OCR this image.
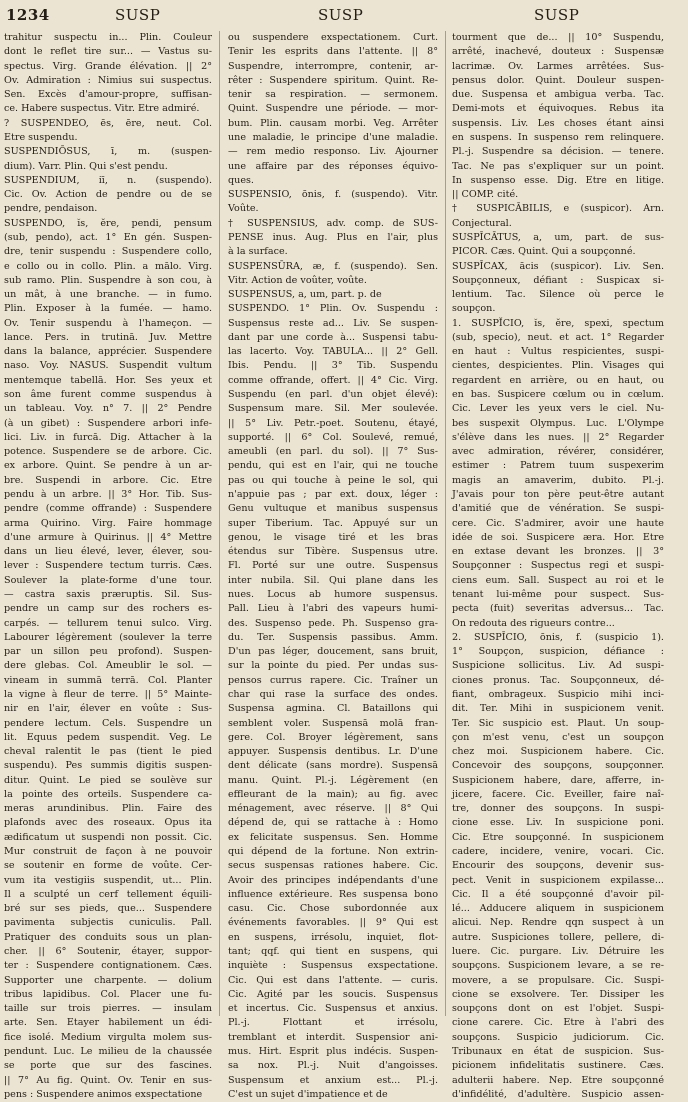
1234	SUSP	SUSP	SUSP
trahitur suspectu in... Plin. Couleur
dont le reflet tire sur... — Vastus su-
spectus. Virg. Grande élévation. || 2°
Ov. Admiration : Nimius sui suspectus.
Sen. Excès d'amour-propre, suffisan-
ce. Habere suspectus. Vitr. Etre admiré.
? SUSPENDEO, ēs, ēre, neut. Col.
Etre suspendu.
SUSPENDIŌSUS, ī, m. (suspen-
dium). Varr. Plin. Qui s'est pendu.
SUSPENDIUM, iī, n. (suspendo).
Cic. Ov. Action de pendre ou de se
pendre, pendaison.
SUSPENDO, ĭs, ĕre, pendi, pensum
(sub, pendo), act. 1° En gén. Suspen-
dre, tenir suspendu : Suspendere collo,
e collo ou in collo. Plin. a mālo. Virg.
sub ramo. Plin. Suspendre à son cou, à
un mât, à une branche. — in fumo.
Plin. Exposer à la fumée. — hamo.
Ov. Tenir suspendu à l'hameçon. —
lance. Pers. in trutinā. Juv. Mettre
dans la balance, apprécier. Suspendere
naso. Voy. NASUS. Suspendit vultum
mentemque tabellā. Hor. Ses yeux et
son âme furent comme suspendus à
un tableau. Voy. n° 7. || 2° Pendre
(à un gibet) : Suspendere arbori infe-
lici. Liv. in furcā. Dig. Attacher à la
potence. Suspendere se de arbore. Cic.
ex arbore. Quint. Se pendre à un ar-
bre. Suspendi in arbore. Cic. Etre
pendu à un arbre. || 3° Hor. Tib. Sus-
pendre (comme offrande) : Suspendere
arma Quirino. Virg. Faire hommage
d'une armure à Quirinus. || 4° Mettre
dans un lieu élevé, lever, élever, sou-
lever : Suspendere tectum turris. Cæs.
Soulever la plate-forme d'une tour.
— castra saxis præruptis. Sil. Sus-
pendre un camp sur des rochers es-
carpés. — tellurem tenui sulco. Virg.
Labourer légèrement (soulever la terre
par un sillon peu profond). Suspen-
dere glebas. Col. Ameublir le sol. —
vineam in summā terrā. Col. Planter
la vigne à fleur de terre. || 5° Mainte-
nir en l'air, élever en voûte : Sus-
pendere lectum. Cels. Suspendre un
lit. Equus pedem suspendit. Veg. Le
cheval ralentit le pas (tient le pied
suspendu). Pes summis digitis suspen-
ditur. Quint. Le pied se soulève sur
la pointe des orteils. Suspendere ca-
meras arundinibus. Plin. Faire des
plafonds avec des roseaux. Opus ita
ædificatum ut suspendi non possit. Cic.
Mur construit de façon à ne pouvoir
se soutenir en forme de voûte. Cer-
vum ita vestigiis suspendit, ut... Plin.
Il a sculpté un cerf tellement équili-
bré sur ses pieds, que... Suspendere
pavimenta subjectis cuniculis. Pall.
Pratiquer des conduits sous un plan-
cher. || 6° Soutenir, étayer, suppor-
ter : Suspendere contignationem. Cæs.
Supporter une charpente. — dolium
tribus lapidibus. Col. Placer une fu-
taille sur trois pierres. — insulam
arte. Sen. Etayer habilement un édi-
fice isolé. Medium virgulta molem sus-
pendunt. Luc. Le milieu de la chaussée
se porte que sur des fascines.
|| 7° Au fig. Quint. Ov. Tenir en sus-
pens : Suspendere animos exspectatione
ou suspendere exspectationem. Curt.
Tenir les esprits dans l'attente. || 8°
Suspendre, interrompre, contenir, ar-
rêter : Suspendere spiritum. Quint. Re-
tenir sa respiration. — sermonem.
Quint. Suspendre une période. — mor-
bum. Plin. causam morbi. Veg. Arrêter
une maladie, le principe d'une maladie.
— rem medio responso. Liv. Ajourner
une affaire par des réponses équivo-
ques.
SUSPENSIO, ōnis, f. (suspendo). Vitr.
Voûte.
† SUSPENSIUS, adv. comp. de SUS-
PENSE inus. Aug. Plus en l'air, plus
à la surface.
SUSPENSŪRA, æ, f. (suspendo). Sen.
Vitr. Action de voûter, voûte.
SUSPENSUS, a, um, part. p. de
SUSPENDO. 1° Plin. Ov. Suspendu :
Suspensus reste ad... Liv. Se suspen-
dant par une corde à... Suspensi tabu-
las lacerto. Voy. TABULA... || 2° Gell.
Ibis. Pendu. || 3° Tib. Suspendu
comme offrande, offert. || 4° Cic. Virg.
Suspendu (en parl. d'un objet élevé):
Suspensum mare. Sil. Mer soulevée.
|| 5° Liv. Petr.-poet. Soutenu, étayé,
supporté. || 6° Col. Soulevé, remué,
ameubli (en parl. du sol). || 7° Sus-
pendu, qui est en l'air, qui ne touche
pas ou qui touche à peine le sol, qui
n'appuie pas ; par ext. doux, léger :
Genu vultuque et manibus suspensus
super Tiberium. Tac. Appuyé sur un
genou, le visage tiré et les bras
étendus sur Tibère. Suspensus utre.
Fl. Porté sur une outre. Suspensus
inter nubila. Sil. Qui plane dans les
nues. Locus ab humore suspensus.
Pall. Lieu à l'abri des vapeurs humi-
des. Suspenso pede. Ph. Suspenso gra-
du. Ter. Suspensis passibus. Amm.
D'un pas léger, doucement, sans bruit,
sur la pointe du pied. Per undas sus-
pensos currus rapere. Cic. Traîner un
char qui rase la surface des ondes.
Suspensa agmina. Cl. Bataillons qui
semblent voler. Suspensā molā fran-
gere. Col. Broyer légèrement, sans
appuyer. Suspensis dentibus. Lr. D'une
dent délicate (sans mordre). Suspensā
manu. Quint. Pl.-j. Légèrement (en
effleurant de la main); au fig. avec
ménagement, avec réserve. || 8° Qui
dépend de, qui se rattache à : Homo
ex felicitate suspensus. Sen. Homme
qui dépend de la fortune. Non extrin-
secus suspensas rationes habere. Cic.
Avoir des principes indépendants d'une
influence extérieure. Res suspensa bono
casu. Cic. Chose subordonnée aux
événements favorables. || 9° Qui est
en suspens, irrésolu, inquiet, flot-
tant; qqf. qui tient en suspens, qui
inquiète : Suspensus exspectatione.
Cic. Qui est dans l'attente. — curis.
Cic. Agité par les soucis. Suspensus
et incertus. Cic. Suspensus et anxius.
Pl.-j. Flottant et irrésolu,
tremblant et interdit. Suspensior ani-
mus. Hirt. Esprit plus indécis. Suspen-
sa nox. Pl.-j. Nuit d'angoisses.
Suspensum et anxium est... Pl.-j.
C'est un sujet d'impatience et de
tourment que de... || 10° Suspendu,
arrêté, inachevé, douteux : Suspensæ
lacrimæ. Ov. Larmes arrêtées. Sus-
pensus dolor. Quint. Douleur suspen-
due. Suspensa et ambigua verba. Tac.
Demi-mots et équivoques. Rebus ita
suspensis. Liv. Les choses étant ainsi
en suspens. In suspenso rem relinquere.
Pl.-j. Suspendre sa décision. — tenere.
Tac. Ne pas s'expliquer sur un point.
In suspenso esse. Dig. Etre en litige.
|| COMP. cité.
† SUSPICĀBILIS, e (suspicor). Arn.
Conjectural.
SUSPĪCĀTUS, a, um, part. de sus-
PICOR. Cæs. Quint. Qui a soupçonné.
SUSPĪCAX, ācis (suspicor). Liv. Sen.
Soupçonneux, défiant : Suspicax si-
lentium. Tac. Silence où perce le
soupçon.
1. SUSPĬCIO, ĭs, ĕre, spexi, spectum
(sub, specio), neut. et act. 1° Regarder
en haut : Vultus respicientes, suspi-
cientes, despicientes. Plin. Visages qui
regardent en arrière, ou en haut, ou
en bas. Suspicere cœlum ou in cœlum.
Cic. Lever les yeux vers le ciel. Nu-
bes suspexit Olympus. Luc. L'Olympe
s'élève dans les nues. || 2° Regarder
avec admiration, révérer, considérer,
estimer : Patrem tuum suspexerim
magis an amaverim, dubito. Pl.-j.
J'avais pour ton père peut-être autant
d'amitié que de vénération. Se suspi-
cere. Cic. S'admirer, avoir une haute
idée de soi. Suspicere æra. Hor. Etre
en extase devant les bronzes. || 3°
Soupçonner : Suspectus regi et suspi-
ciens eum. Sall. Suspect au roi et le
tenant lui-même pour suspect. Sus-
pecta (fuit) severitas adversus... Tac.
On redouta des rigueurs contre...
2. SUSPĪCIO, ōnis, f. (suspicio 1).
1° Soupçon, suspicion, défiance :
Suspicione sollicitus. Liv. Ad suspi-
ciones pronus. Tac. Soupçonneux, dé-
fiant, ombrageux. Suspicio mihi inci-
dit. Ter. Mihi in suspicionem venit.
Ter. Sic suspicio est. Plaut. Un soup-
çon m'est venu, c'est un soupçon
chez moi. Suspicionem habere. Cic.
Concevoir des soupçons, soupçonner.
Suspicionem habere, dare, afferre, in-
jicere, facere. Cic. Eveiller, faire naî-
tre, donner des soupçons. In suspi-
cione esse. Liv. In suspicione poni.
Cic. Etre soupçonné. In suspicionem
cadere, incidere, venire, vocari. Cic.
Encourir des soupçons, devenir sus-
pect. Venit in suspicionem expilasse...
Cic. Il a été soupçonné d'avoir pil-
lé... Adducere aliquem in suspicionem
alicui. Nep. Rendre qqn suspect à un
autre. Suspiciones tollere, pellere, di-
luere. Cic. purgare. Liv. Détruire les
soupçons. Suspicionem levare, a se re-
movere, a se propulsare. Cic. Suspi-
cione se exsolvere. Ter. Dissiper les
soupçons dont on est l'objet. Suspi-
cione carere. Cic. Etre à l'abri des
soupçons. Suspicio judiciorum. Cic.
Tribunaux en état de suspicion. Sus-
picionem infidelitatis sustinere. Cæs.
adulterii habere. Nep. Etre soupçonné
d'infidélité, d'adultère. Suspicio assen-
